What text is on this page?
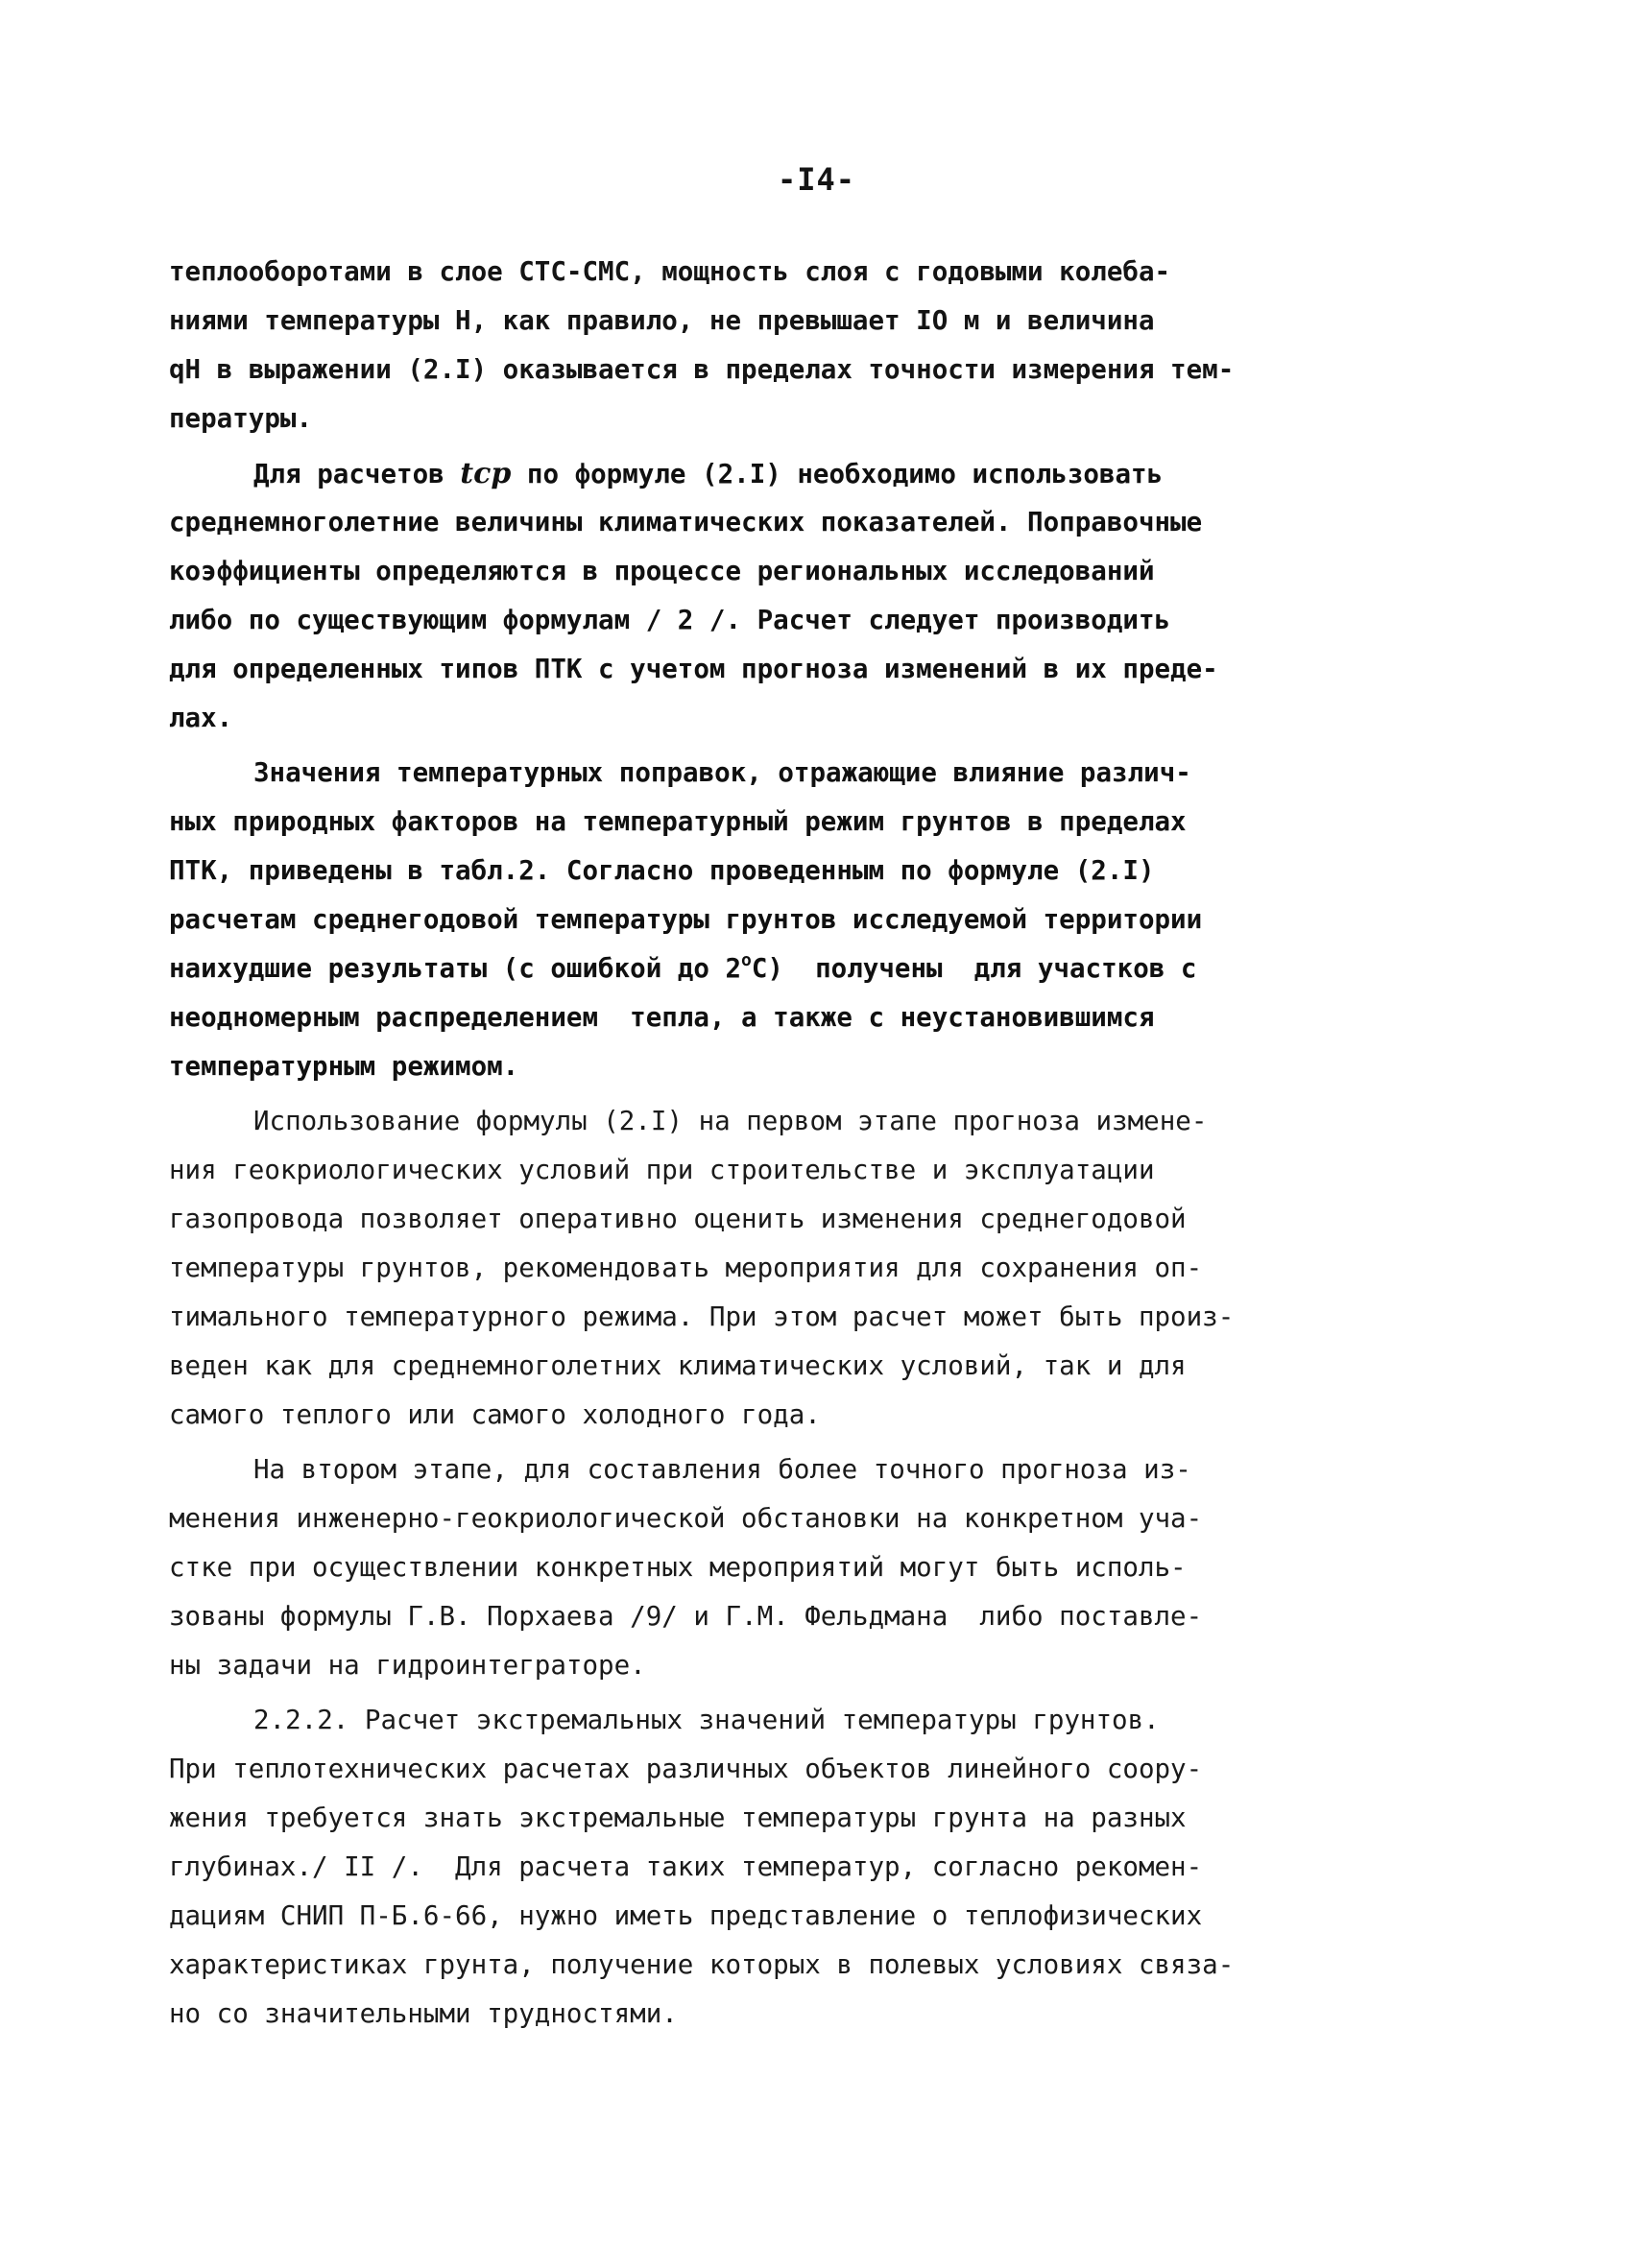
-I4-
теплооборотами в слое СТС-СМС, мощность слоя с годовыми колеба-
ниями температуры Н, как правило, не превышает IO м и величина
qН в выражении (2.I) оказывается в пределах точности измерения тем-
пературы.
Для расчетов tср по формуле (2.I) необходимо использовать
среднемноголетние величины климатических показателей. Поправочные
коэффициенты определяются в процессе региональных исследований
либо по существующим формулам / 2 /. Расчет следует производить
для определенных типов ПТК с учетом прогноза изменений в их преде-
лах.
Значения температурных поправок, отражающие влияние различ-
ных природных факторов на температурный режим грунтов в пределах
ПТК, приведены в табл.2. Согласно проведенным по формуле (2.I)
расчетам среднегодовой температуры грунтов исследуемой территории
наихудшие результаты (с ошибкой до $2^оС$)  получены  для участков с
неодномерным распределением  тепла, а также с неустановившимся
температурным режимом.
Использование формулы (2.I) на первом этапе прогноза измене-
ния геокриологических условий при строительстве и эксплуатации
газопровода позволяет оперативно оценить изменения среднегодовой
температуры грунтов, рекомендовать мероприятия для сохранения оп-
тимального температурного режима. При этом расчет может быть произ-
веден как для среднемноголетних климатических условий, так и для
самого теплого или самого холодного года.
На втором этапе, для составления более точного прогноза из-
менения инженерно-геокриологической обстановки на конкретном уча-
стке при осуществлении конкретных мероприятий могут быть исполь-
зованы формулы Г.В. Порхаева /9/ и Г.М. Фельдмана  либо поставле-
ны задачи на гидроинтеграторе.
2.2.2. Расчет экстремальных значений температуры грунтов.
При теплотехнических расчетах различных объектов линейного соору-
жения требуется знать экстремальные температуры грунта на разных
глубинах./ II /.  Для расчета таких температур, согласно рекомен-
дациям СНИП П-Б.6-66, нужно иметь представление о теплофизических
характеристиках грунта, получение которых в полевых условиях связа-
но со значительными трудностями.
